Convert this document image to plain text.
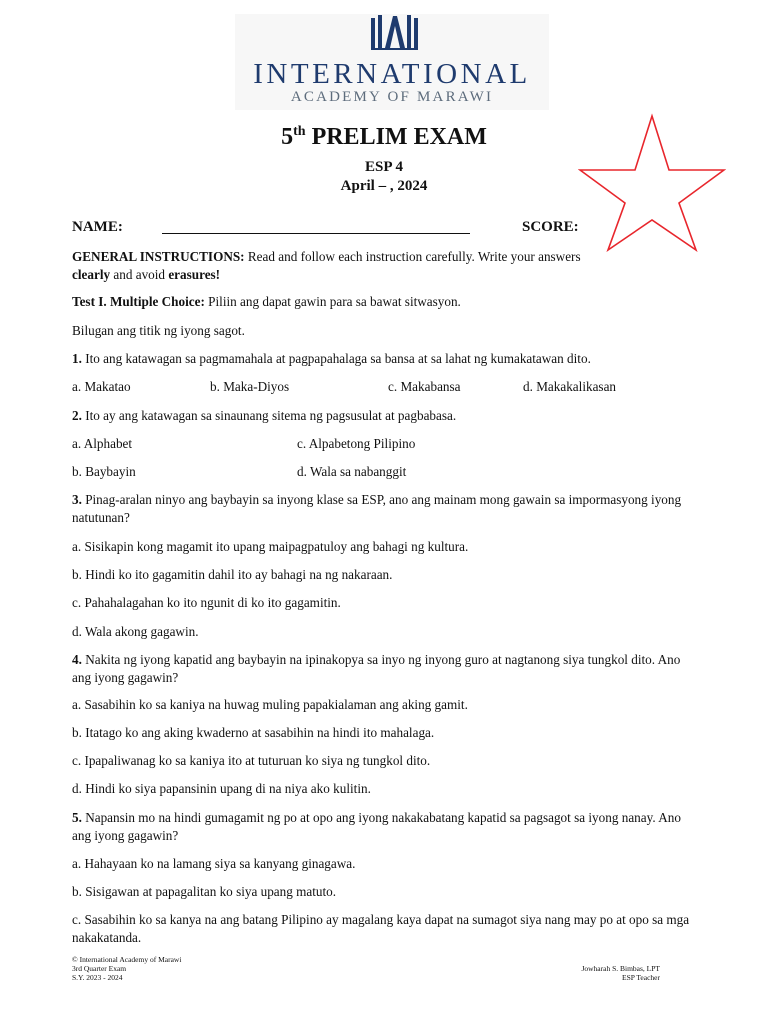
INTERNATIONAL
ACADEMY OF MARAWI
5th PRELIM EXAM
ESP 4
April – , 2024
NAME:	SCORE:
GENERAL INSTRUCTIONS: Read and follow each instruction carefully. Write your answers
clearly and avoid erasures!
Test I. Multiple Choice: Piliin ang dapat gawin para sa bawat sitwasyon.
Bilugan ang titik ng iyong sagot.
1. Ito ang katawagan sa pagmamahala at pagpapahalaga sa bansa at sa lahat ng kumakatawan dito.
a. Makatao	b. Maka-Diyos	c. Makabansa	d. Makakalikasan
2. Ito ay ang katawagan sa sinaunang sitema ng pagsusulat at pagbabasa.
a. Alphabet	c. Alpabetong Pilipino
b. Baybayin	d. Wala sa nabanggit
3. Pinag-aralan ninyo ang baybayin sa inyong klase sa ESP, ano ang mainam mong gawain sa impormasyong iyong natutunan?
a. Sisikapin kong magamit ito upang maipagpatuloy ang bahagi ng kultura.
b. Hindi ko ito gagamitin dahil ito ay bahagi na ng nakaraan.
c. Pahahalagahan ko ito ngunit di ko ito gagamitin.
d. Wala akong gagawin.
4. Nakita ng iyong kapatid ang baybayin na ipinakopya sa inyo ng inyong guro at nagtanong siya tungkol dito. Ano ang iyong gagawin?
a. Sasabihin ko sa kaniya na huwag muling papakialaman ang aking gamit.
b. Itatago ko ang aking kwaderno at sasabihin na hindi ito mahalaga.
c. Ipapaliwanag ko sa kaniya ito at tuturuan ko siya ng tungkol dito.
d. Hindi ko siya papansinin upang di na niya ako kulitin.
5. Napansin mo na hindi gumagamit ng po at opo ang iyong nakakabatang kapatid sa pagsagot sa iyong nanay. Ano ang iyong gagawin?
a. Hahayaan ko na lamang siya sa kanyang ginagawa.
b. Sisigawan at papagalitan ko siya upang matuto.
c. Sasabihin ko sa kanya na ang batang Pilipino ay magalang kaya dapat na sumagot siya nang may po at opo sa mga nakakatanda.
© International Academy of Marawi
3rd Quarter Exam
S.Y. 2023 - 2024
Jowharah S. Bimbas, LPT
ESP Teacher
